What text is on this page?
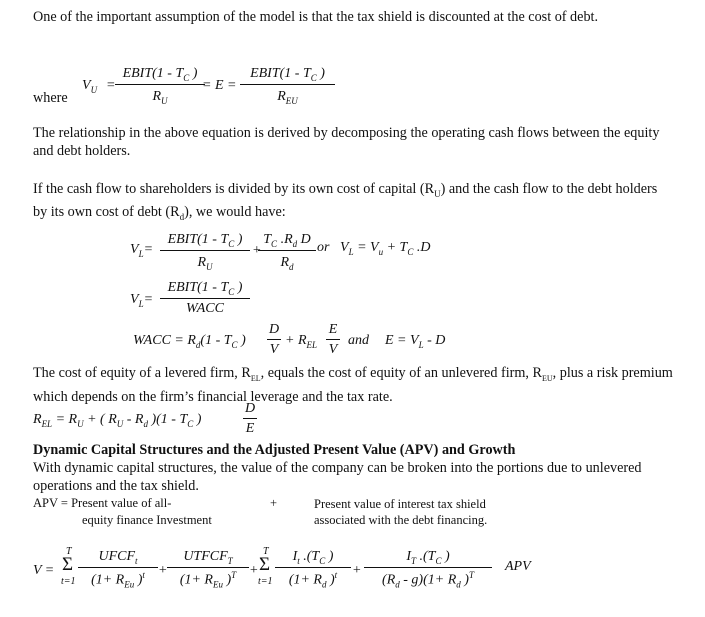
One of the important assumption of the model is that the tax shield is discounted at the cost of debt.
where
$V_U$ =
EBIT(1 - $T_C$ )
$R_U$
= E =
EBIT(1 - $T_C$ )
$R_{EU}$
The relationship in the above equation is derived by decomposing the operating cash flows between the equity and debt holders.
If the cash flow to shareholders is divided by its own cost of capital $(R_U)$ and the cash flow to the debt holders by its own cost of debt $(R_d)$, we would have:
$V_L=$
EBIT(1 - $T_C$ )
$R_U$
+
$T_C$ $.R_d$ D
$R_d$
or $V_L = V_u + T_C$ .D
$V_L=$
EBIT(1 - $T_C$ )
WACC
WACC = $R_d(1 - T_C$ )
D
V
+ $R_{EL}$
E
V
and $E = V_L - D$
The cost of equity of a levered firm, $R_{EL}$, equals the cost of equity of an unlevered firm, $R_{EU}$, plus a risk premium which depends on the firm’s financial leverage and the tax rate.
$R_{EL} = R_U$ + ( $R_U - R_d$ )($1 - T_C$ )
D
E
Dynamic Capital Structures and the Adjusted Present Value (APV) and Growth
With dynamic capital structures, the value of the company can be broken into the portions due to unlevered operations and the tax shield.
APV = Present value of all-
equity finance Investment
+	Present value of interest tax shield
associated with the debt financing.
V =
T
Σ
t=1
$UFCF_t$
($1+ R_{Eu}$ )$^t$ +
$UTFCF_T$
($1+ R_{Eu}$ )$^T$ +
T
Σ
t=1
$I_t$ $.(T_C$ )
($1+ R_d$ )$^t$	+
$I_T$ $.(T_C$ )
$(R_d - g)(1+ R_d$ )$^T$
APV
